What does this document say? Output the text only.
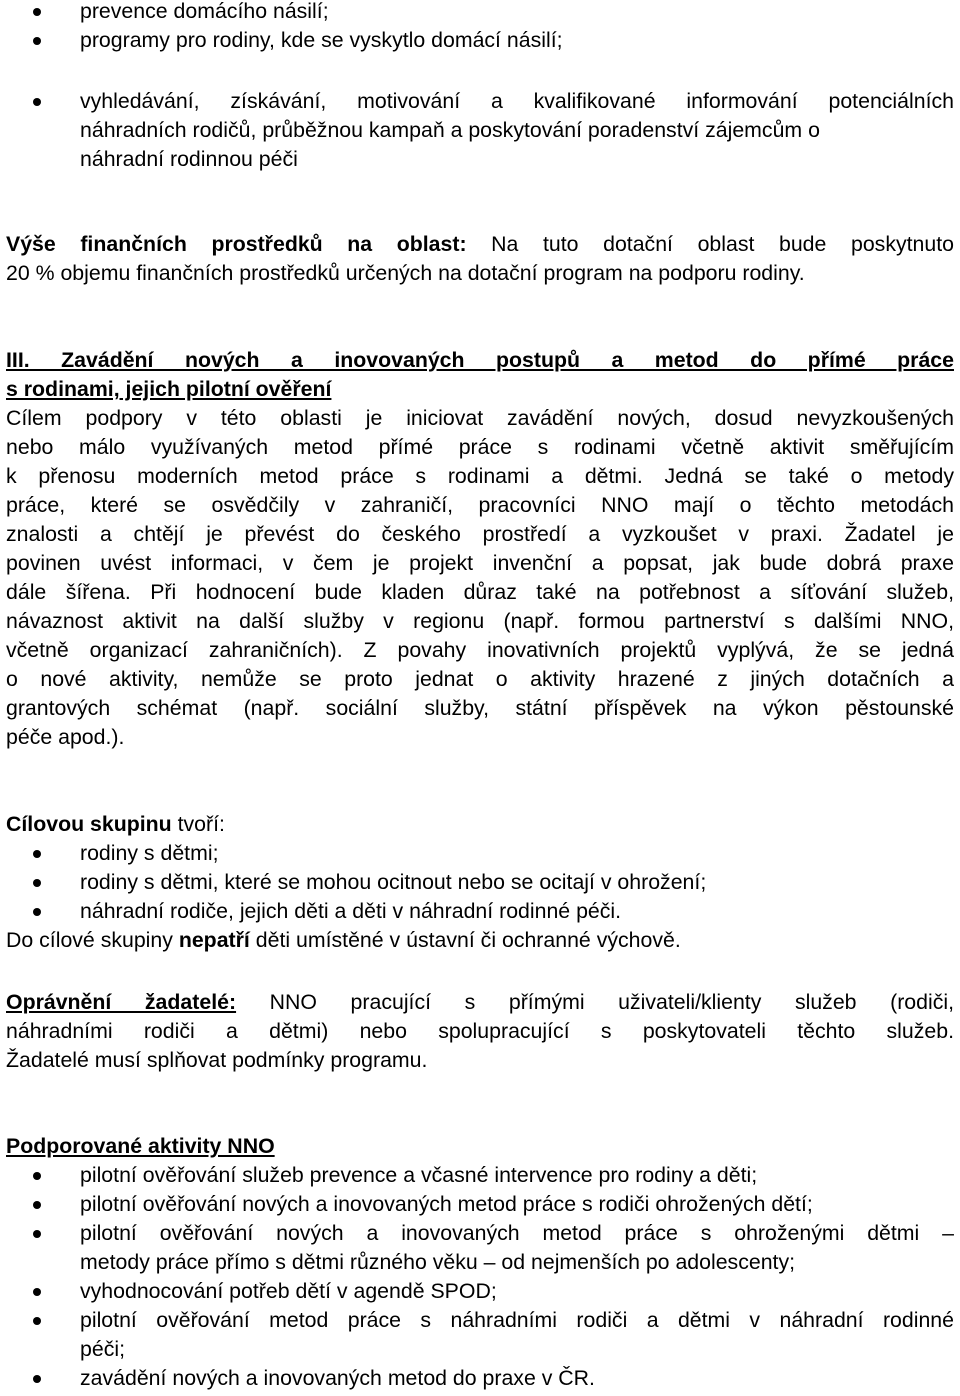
prevence domácího násilí;
programy pro rodiny, kde se vyskytlo domácí násilí;
vyhledávání, získávání, motivování a kvalifikované informování potenciálních
náhradních rodičů, průběžnou kampaň a poskytování poradenství zájemcům o
náhradní rodinnou péči
Výše finančních prostředků na oblast: Na tuto dotační oblast bude poskytnuto
20 % objemu finančních prostředků určených na dotační program na podporu rodiny.
III. Zavádění nových a inovovaných postupů a metod do přímé práce
s rodinami, jejich pilotní ověření
Cílem podpory v této oblasti je iniciovat zavádění nových, dosud nevyzkoušených
nebo málo využívaných metod přímé práce s rodinami včetně aktivit směřujícím
k přenosu moderních metod práce s rodinami a dětmi. Jedná se také o metody
práce, které se osvědčily v zahraničí, pracovníci NNO mají o těchto metodách
znalosti a chtějí je převést do českého prostředí a vyzkoušet v praxi. Žadatel je
povinen uvést informaci, v čem je projekt invenční a popsat, jak bude dobrá praxe
dále šířena. Při hodnocení bude kladen důraz také na potřebnost a síťování služeb,
návaznost aktivit na další služby v regionu (např. formou partnerství s dalšími NNO,
včetně organizací zahraničních). Z povahy inovativních projektů vyplývá, že se jedná
o nové aktivity, nemůže se proto jednat o aktivity hrazené z jiných dotačních a
grantových schémat (např. sociální služby, státní příspěvek na výkon pěstounské
péče apod.).
Cílovou skupinu tvoří:
rodiny s dětmi;
rodiny s dětmi, které se mohou ocitnout nebo se ocitají v ohrožení;
náhradní rodiče, jejich děti a děti v náhradní rodinné péči.
Do cílové skupiny nepatří děti umístěné v ústavní či ochranné výchově.
Oprávnění žadatelé: NNO pracující s přímými uživateli/klienty služeb (rodiči,
náhradními rodiči a dětmi) nebo spolupracující s poskytovateli těchto služeb.
Žadatelé musí splňovat podmínky programu.
Podporované aktivity NNO
pilotní ověřování služeb prevence a včasné intervence pro rodiny a děti;
pilotní ověřování nových a inovovaných metod práce s rodiči ohrožených dětí;
pilotní ověřování nových a inovovaných metod práce s ohroženými dětmi –
metody práce přímo s dětmi různého věku – od nejmenších po adolescenty;
vyhodnocování potřeb dětí v agendě SPOD;
pilotní ověřování metod práce s náhradními rodiči a dětmi v náhradní rodinné
péči;
zavádění nových a inovovaných metod do praxe v ČR.
